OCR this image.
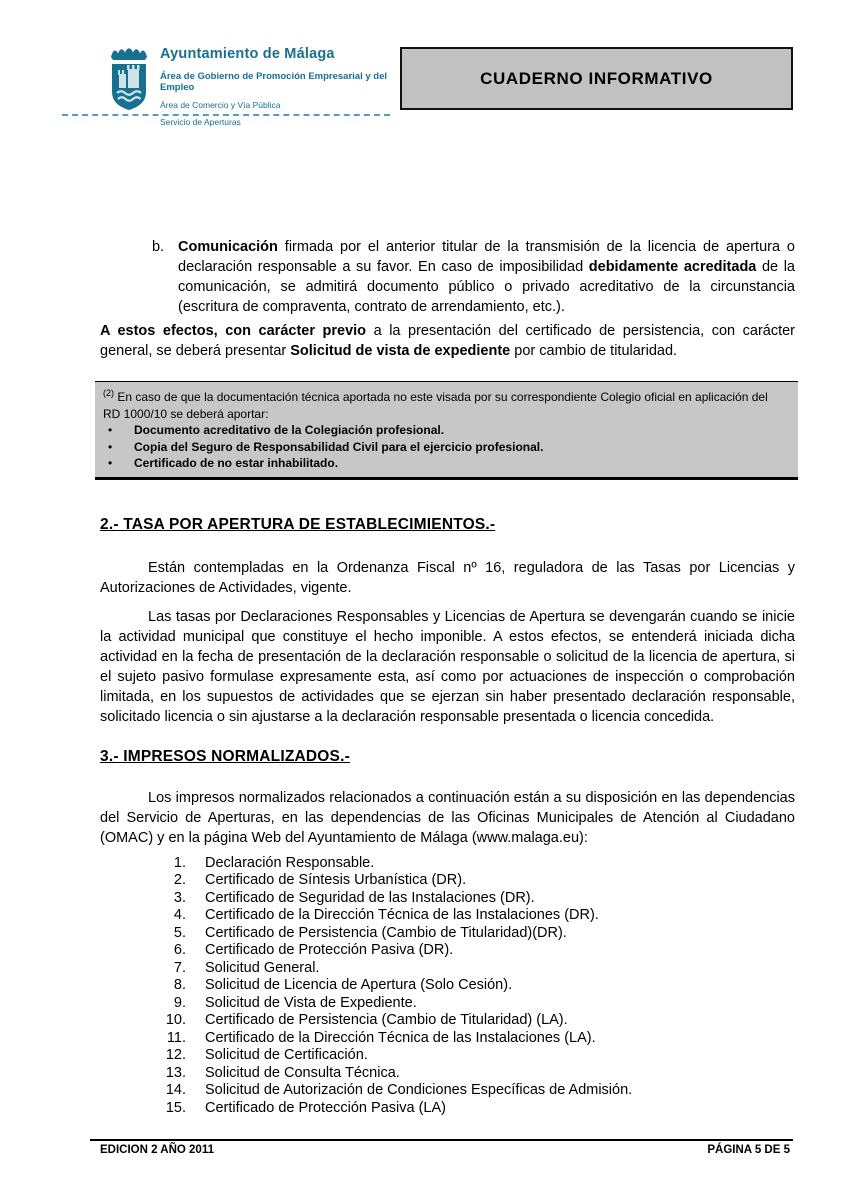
Ayuntamiento de Málaga
Área de Gobierno de Promoción Empresarial y del Empleo
Área de Comercio y Vía Pública
Servicio de Aperturas
CUADERNO INFORMATIVO
b. Comunicación firmada por el anterior titular de la transmisión de la licencia de apertura o declaración responsable a su favor. En caso de imposibilidad debidamente acreditada de la comunicación, se admitirá documento público o privado acreditativo de la circunstancia (escritura de compraventa, contrato de arrendamiento, etc.).

A estos efectos, con carácter previo a la presentación del certificado de persistencia, con carácter general, se deberá presentar Solicitud de vista de expediente por cambio de titularidad.

$^{(2)}$ En caso de que la documentación técnica aportada no este visada por su correspondiente Colegio oficial en aplicación del RD 1000/10 se deberá aportar:
•	Documento acreditativo de la Colegiación profesional.
•	Copia del Seguro de Responsabilidad Civil para el ejercicio profesional.
•	Certificado de no estar inhabilitado.
2.- TASA POR APERTURA DE ESTABLECIMIENTOS.-

Están contempladas en la Ordenanza Fiscal nº 16, reguladora de las Tasas por Licencias y Autorizaciones de Actividades, vigente.

Las tasas por Declaraciones Responsables y Licencias de Apertura se devengarán cuando se inicie la actividad municipal que constituye el hecho imponible. A estos efectos, se entenderá iniciada dicha actividad en la fecha de presentación de la declaración responsable o solicitud de la licencia de apertura, si el sujeto pasivo formulase expresamente esta, así como por actuaciones de inspección o comprobación limitada, en los supuestos de actividades que se ejerzan sin haber presentado declaración responsable, solicitado licencia o sin ajustarse a la declaración responsable presentada o licencia concedida.

3.- IMPRESOS NORMALIZADOS.-

Los impresos normalizados relacionados a continuación están a su disposición en las dependencias del Servicio de Aperturas, en las dependencias de las Oficinas Municipales de Atención al Ciudadano (OMAC) y en la página Web del Ayuntamiento de Málaga (www.malaga.eu):

1.	Declaración Responsable.
2.	Certificado de Síntesis Urbanística (DR).
3.	Certificado de Seguridad de las Instalaciones (DR).
4.	Certificado de la Dirección Técnica de las Instalaciones (DR).
5.	Certificado de Persistencia (Cambio de Titularidad)(DR).
6.	Certificado de Protección Pasiva (DR).
7.	Solicitud General.
8.	Solicitud de Licencia de Apertura (Solo Cesión).
9.	Solicitud de Vista de Expediente.
10.	Certificado de Persistencia (Cambio de Titularidad) (LA).
11.	Certificado de la Dirección Técnica de las Instalaciones (LA).
12.	Solicitud de Certificación.
13.	Solicitud de Consulta Técnica.
14.	Solicitud de Autorización de Condiciones Específicas de Admisión.
15.	Certificado de Protección Pasiva (LA)
EDICION 2 AÑO 2011	PÁGINA 5 DE 5
